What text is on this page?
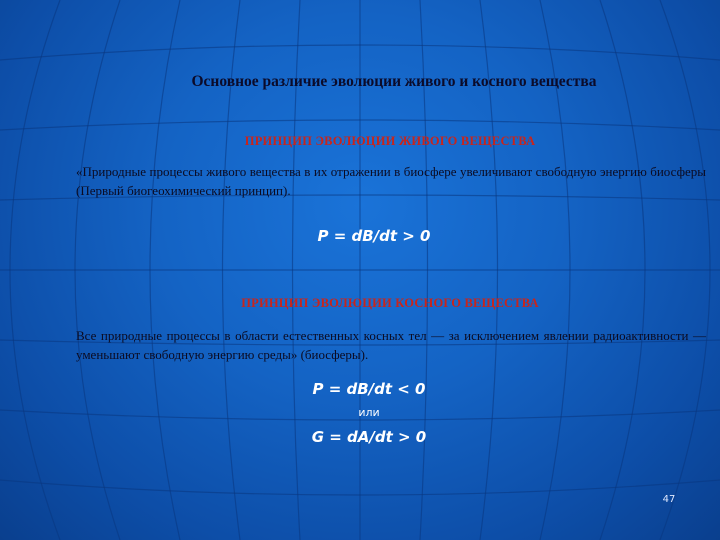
Основное различие эволюции живого и косного вещества
ПРИНЦИП ЭВОЛЮЦИИ ЖИВОГО ВЕЩЕСТВА
«Природные процессы живого вещества в их отражении в биосфере увеличивают свободную энергию биосферы (Первый биогеохимический принцип).
P = dB/dt > 0
ПРИНЦИП ЭВОЛЮЦИИ КОСНОГО ВЕЩЕСТВА
Все природные процессы в области естественных косных тел — за исключением явлении радиоактивности — уменьшают свободную энергию среды» (биосферы).
P = dB/dt < 0
или
G = dA/dt > 0
47
